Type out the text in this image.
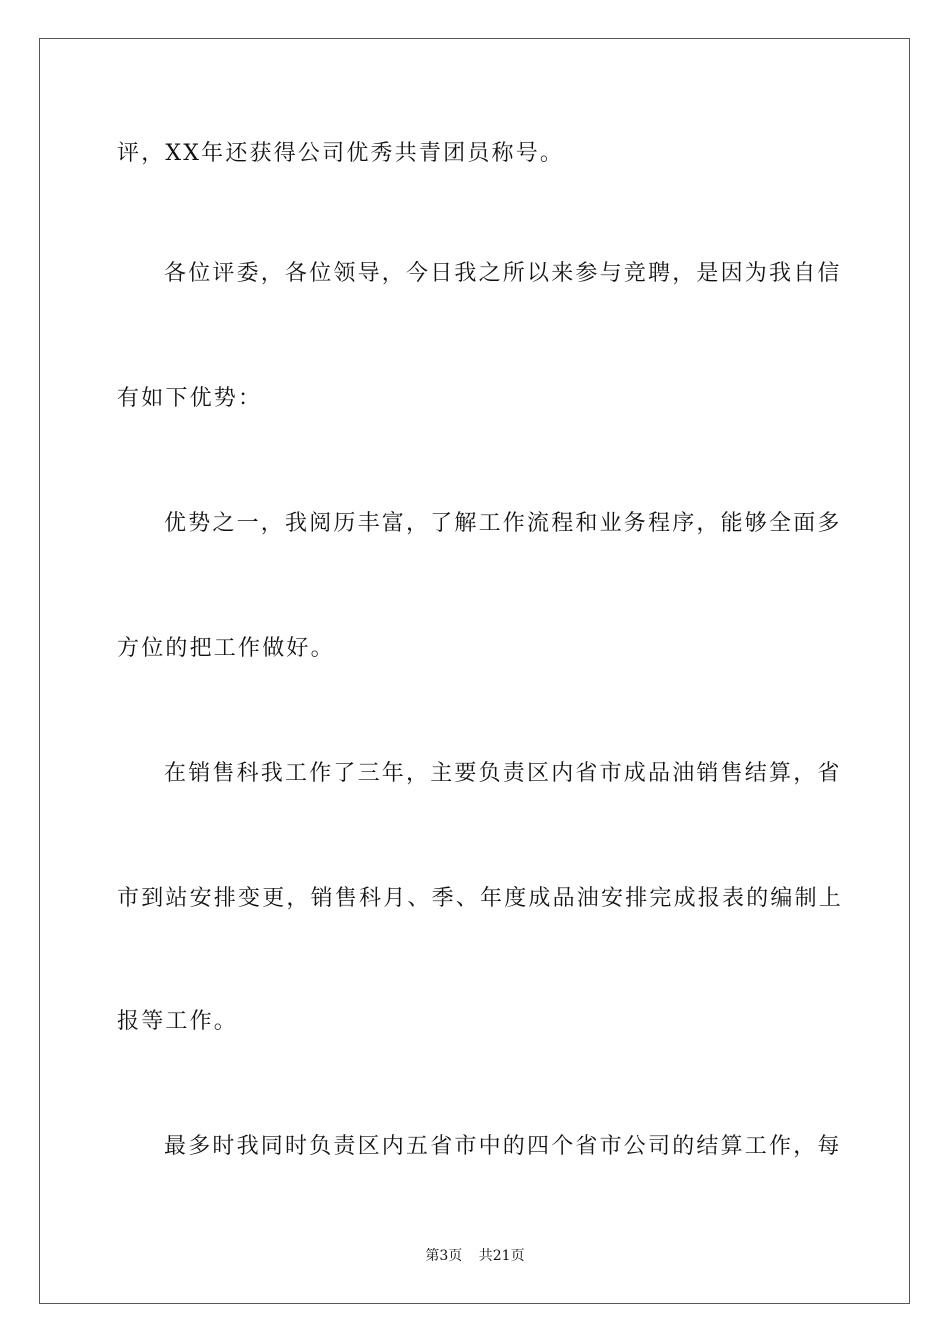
评，XX年还获得公司优秀共青团员称号。
各位评委，各位领导，今日我之所以来参与竞聘，是因为我自信
有如下优势：
优势之一，我阅历丰富，了解工作流程和业务程序，能够全面多
方位的把工作做好。
在销售科我工作了三年，主要负责区内省市成品油销售结算，省
市到站安排变更，销售科月、季、年度成品油安排完成报表的编制上
报等工作。
最多时我同时负责区内五省市中的四个省市公司的结算工作，每
第3页 共21页
